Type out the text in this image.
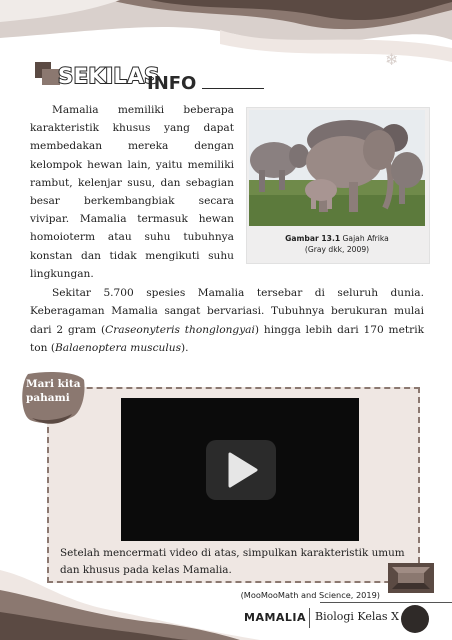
❄
SEKILAS
INFO
Mamalia memiliki beberapa karakteristik khusus yang dapat membedakan mereka dengan kelompok hewan lain, yaitu memiliki rambut, kelenjar susu, dan sebagian besar berkembangbiak secara vivipar. Mamalia termasuk hewan homoioterm atau suhu tubuhnya konstan dan tidak mengikuti suhu lingkungan.
Gambar 13.1 Gajah Afrika
(Gray dkk, 2009)
Sekitar 5.700 spesies Mamalia tersebar di seluruh dunia. Keberagaman Mamalia sangat bervariasi. Tubuhnya berukuran mulai dari 2 gram (Craseonyteris thonglongyai) hingga lebih dari 170 metrik ton (Balaenoptera musculus).
Mari kita pahami
Setelah mencermati video di atas, simpulkan karakteristik umum dan khusus pada kelas Mamalia.
(MooMooMath and Science, 2019)
MAMALIA Biologi Kelas X
